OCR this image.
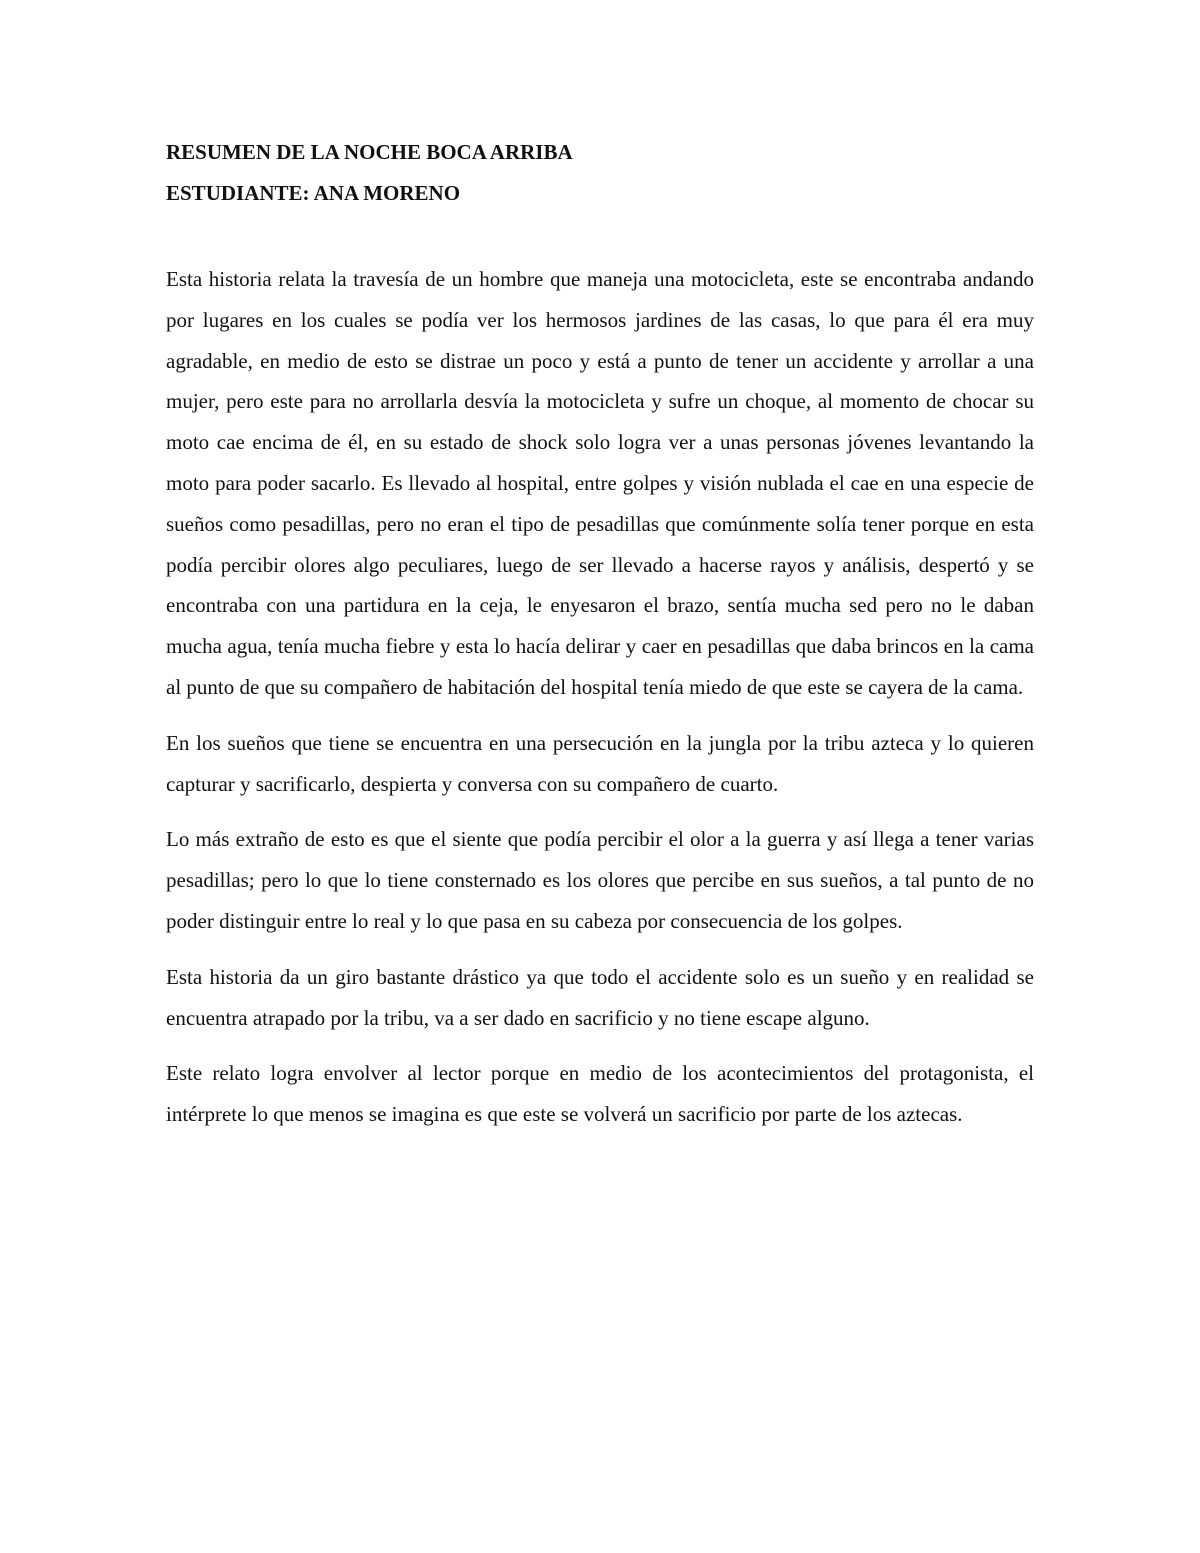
RESUMEN DE LA NOCHE BOCA ARRIBA
ESTUDIANTE: ANA MORENO

Esta historia relata la travesía de un hombre que maneja una motocicleta, este se encontraba andando por lugares en los cuales se podía ver los hermosos jardines de las casas, lo que para él era muy agradable, en medio de esto se distrae un poco y está a punto de tener un accidente y arrollar a una mujer, pero este para no arrollarla desvía la motocicleta y sufre un choque, al momento de chocar su moto cae encima de él, en su estado de shock solo logra ver a unas personas jóvenes levantando la moto para poder sacarlo. Es llevado al hospital, entre golpes y visión nublada el cae en una especie de sueños como pesadillas, pero no eran el tipo de pesadillas que comúnmente solía tener porque en esta podía percibir olores algo peculiares, luego de ser llevado a hacerse rayos y análisis, despertó y se encontraba con una partidura en la ceja, le enyesaron el brazo, sentía mucha sed pero no le daban mucha agua, tenía mucha fiebre y esta lo hacía delirar y caer en pesadillas que daba brincos en la cama al punto de que su compañero de habitación del hospital tenía miedo de que este se cayera de la cama.

En los sueños que tiene se encuentra en una persecución en la jungla por la tribu azteca y lo quieren capturar y sacrificarlo, despierta y conversa con su compañero de cuarto.

Lo más extraño de esto es que el siente que podía percibir el olor a la guerra y así llega a tener varias pesadillas; pero lo que lo tiene consternado es los olores que percibe en sus sueños, a tal punto de no poder distinguir entre lo real y lo que pasa en su cabeza por consecuencia de los golpes.

Esta historia da un giro bastante drástico ya que todo el accidente solo es un sueño y en realidad se encuentra atrapado por la tribu, va a ser dado en sacrificio y no tiene escape alguno.

Este relato logra envolver al lector porque en medio de los acontecimientos del protagonista, el intérprete lo que menos se imagina es que este se volverá un sacrificio por parte de los aztecas.
